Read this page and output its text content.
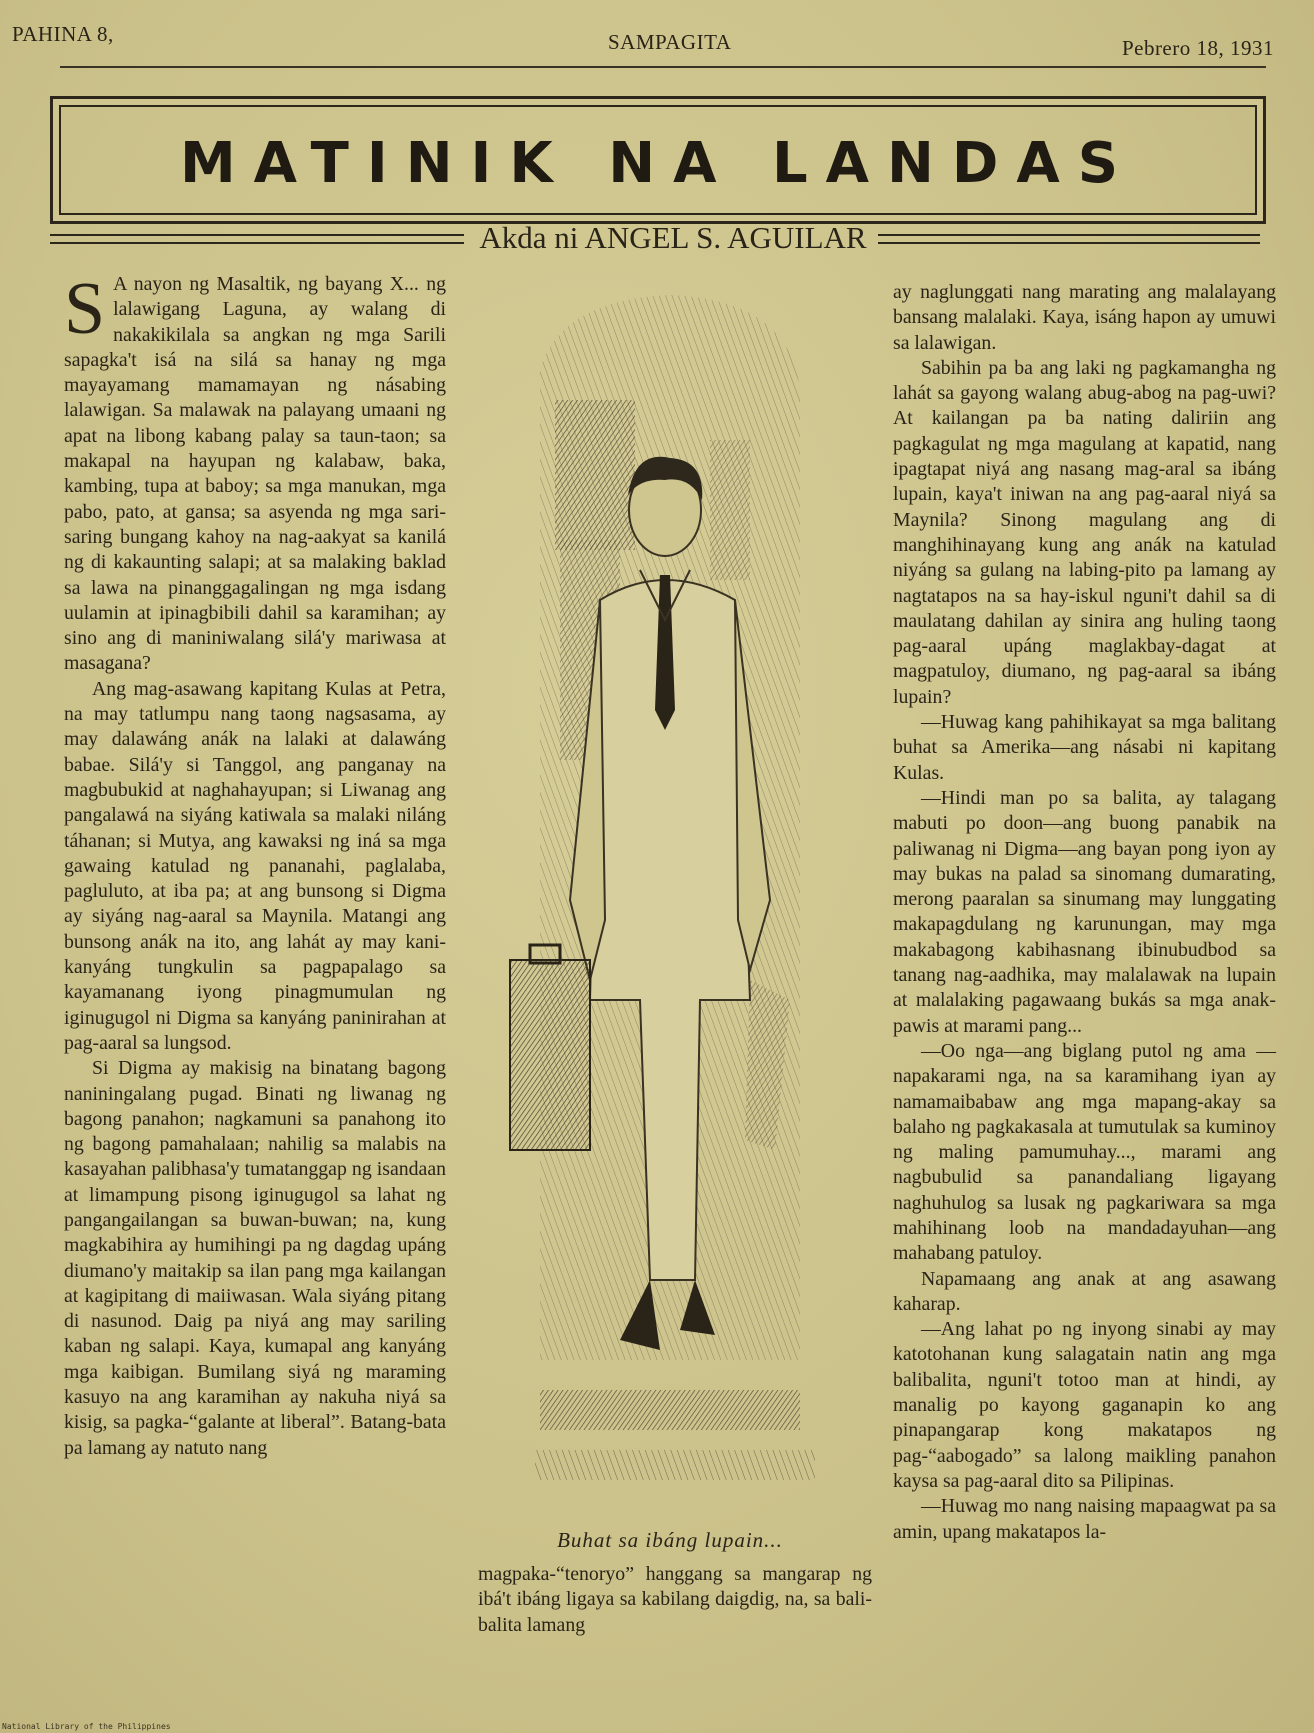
PAHINA 8,	SAMPAGITA	Pebrero 18, 1931
MATINIK NA LANDAS
Akda ni ANGEL S. AGUILAR

S A nayon ng Masaltik, ng bayang X... ng lalawigang Laguna, ay walang di nakakikilala sa angkan ng mga Sarili sapagka't isá na silá sa hanay ng mga mayayamang mamamayan ng násabing lalawigan. Sa malawak na palayang umaani ng apat na libong kabang palay sa taun-taon; sa makapal na hayupan ng kalabaw, baka, kambing, tupa at baboy; sa mga manukan, mga pabo, pato, at gansa; sa asyenda ng mga sari-saring bungang kahoy na nag-aakyat sa kanilá ng di kakaunting salapi; at sa malaking baklad sa lawa na pinanggagalingan ng mga isdang uulamin at ipinagbibili dahil sa karamihan; ay sino ang di maniniwalang silá'y mariwasa at masagana?

Ang mag-asawang kapitang Kulas at Petra, na may tatlumpu nang taong nagsasama, ay may dalawáng anák na lalaki at dalawáng babae. Silá'y si Tanggol, ang panganay na magbubukid at naghahayupan; si Liwanag ang pangalawá na siyáng katiwala sa malaki niláng táhanan; si Mutya, ang kawaksi ng iná sa mga gawaing katulad ng pananahi, paglalaba, pagluluto, at iba pa; at ang bunsong si Digma ay siyáng nag-aaral sa Maynila. Matangi ang bunsong anák na ito, ang lahát ay may kani-kanyáng tungkulin sa pagpapalago sa kayamanang iyong pinagmumulan ng iginugugol ni Digma sa kanyáng paninirahan at pag-aaral sa lungsod.

Si Digma ay makisig na binatang bagong naniningalang pugad. Binati ng liwanag ng bagong panahon; nagkamuni sa panahong ito ng bagong pamahalaan; nahilig sa malabis na kasayahan palibhasa'y tumatanggap ng isandaan at limampung pisong iginugugol sa lahat ng pangangailangan sa buwan-buwan; na, kung magkabihira ay humihingi pa ng dagdag upáng diumano'y maitakip sa ilan pang mga kailangan at kagipitang di maiiwasan. Wala siyáng pitang di nasunod. Daig pa niyá ang may sariling kaban ng salapi. Kaya, kumapal ang kanyáng mga kaibigan. Bumilang siyá ng maraming kasuyo na ang karamihan ay nakuha niyá sa kisig, sa pagka-“galante at liberal”. Batang-bata pa lamang ay natuto nang

Buhat sa ibáng lupain...

magpaka-“tenoryo” hanggang sa mangarap ng ibá't ibáng ligaya sa kabilang daigdig, na, sa bali-balita lamang

ay naglunggati nang marating ang malalayang bansang malalaki. Kaya, isáng hapon ay umuwi sa lalawigan.

Sabihin pa ba ang laki ng pagkamangha ng lahát sa gayong walang abug-abog na pag-uwi? At kailangan pa ba nating daliriin ang pagkagulat ng mga magulang at kapatid, nang ipagtapat niyá ang nasang mag-aral sa ibáng lupain, kaya't iniwan na ang pag-aaral niyá sa Maynila? Sinong magulang ang di manghihinayang kung ang anák na katulad niyáng sa gulang na labing-pito pa lamang ay nagtatapos na sa hay-iskul nguni't dahil sa di maulatang dahilan ay sinira ang huling taong pag-aaral upáng maglakbay-dagat at magpatuloy, diumano, ng pag-aaral sa ibáng lupain?

—Huwag kang pahihikayat sa mga balitang buhat sa Amerika—ang násabi ni kapitang Kulas.

—Hindi man po sa balita, ay talagang mabuti po doon—ang buong panabik na paliwanag ni Digma—ang bayan pong iyon ay may bukas na palad sa sinomang dumarating, merong paaralan sa sinumang may lunggating makapagdulang ng karunungan, may mga makabagong kabihasnang ibinubudbod sa tanang nag-aadhika, may malalawak na lupain at malalaking pagawaang bukás sa mga anak-pawis at marami pang...

—Oo nga—ang biglang putol ng ama —napakarami nga, na sa karamihang iyan ay namamaibabaw ang mga mapang-akay sa balaho ng pagkakasala at tumutulak sa kuminoy ng maling pamumuhay..., marami ang nagbubulid sa panandaliang ligayang naghuhulog sa lusak ng pagkariwara sa mga mahihinang loob na mandadayuhan—ang mahabang patuloy.

Napamaang ang anak at ang asawang kaharap.

—Ang lahat po ng inyong sinabi ay may katotohanan kung salagatain natin ang mga balibalita, nguni't totoo man at hindi, ay manalig po kayong gaganapin ko ang pinapangarap kong makatapos ng pag-“aabogado” sa lalong maikling panahon kaysa sa pag-aaral dito sa Pilipinas.

—Huwag mo nang naising mapaagwat pa sa amin, upang makatapos la-

National Library of the Philippines
